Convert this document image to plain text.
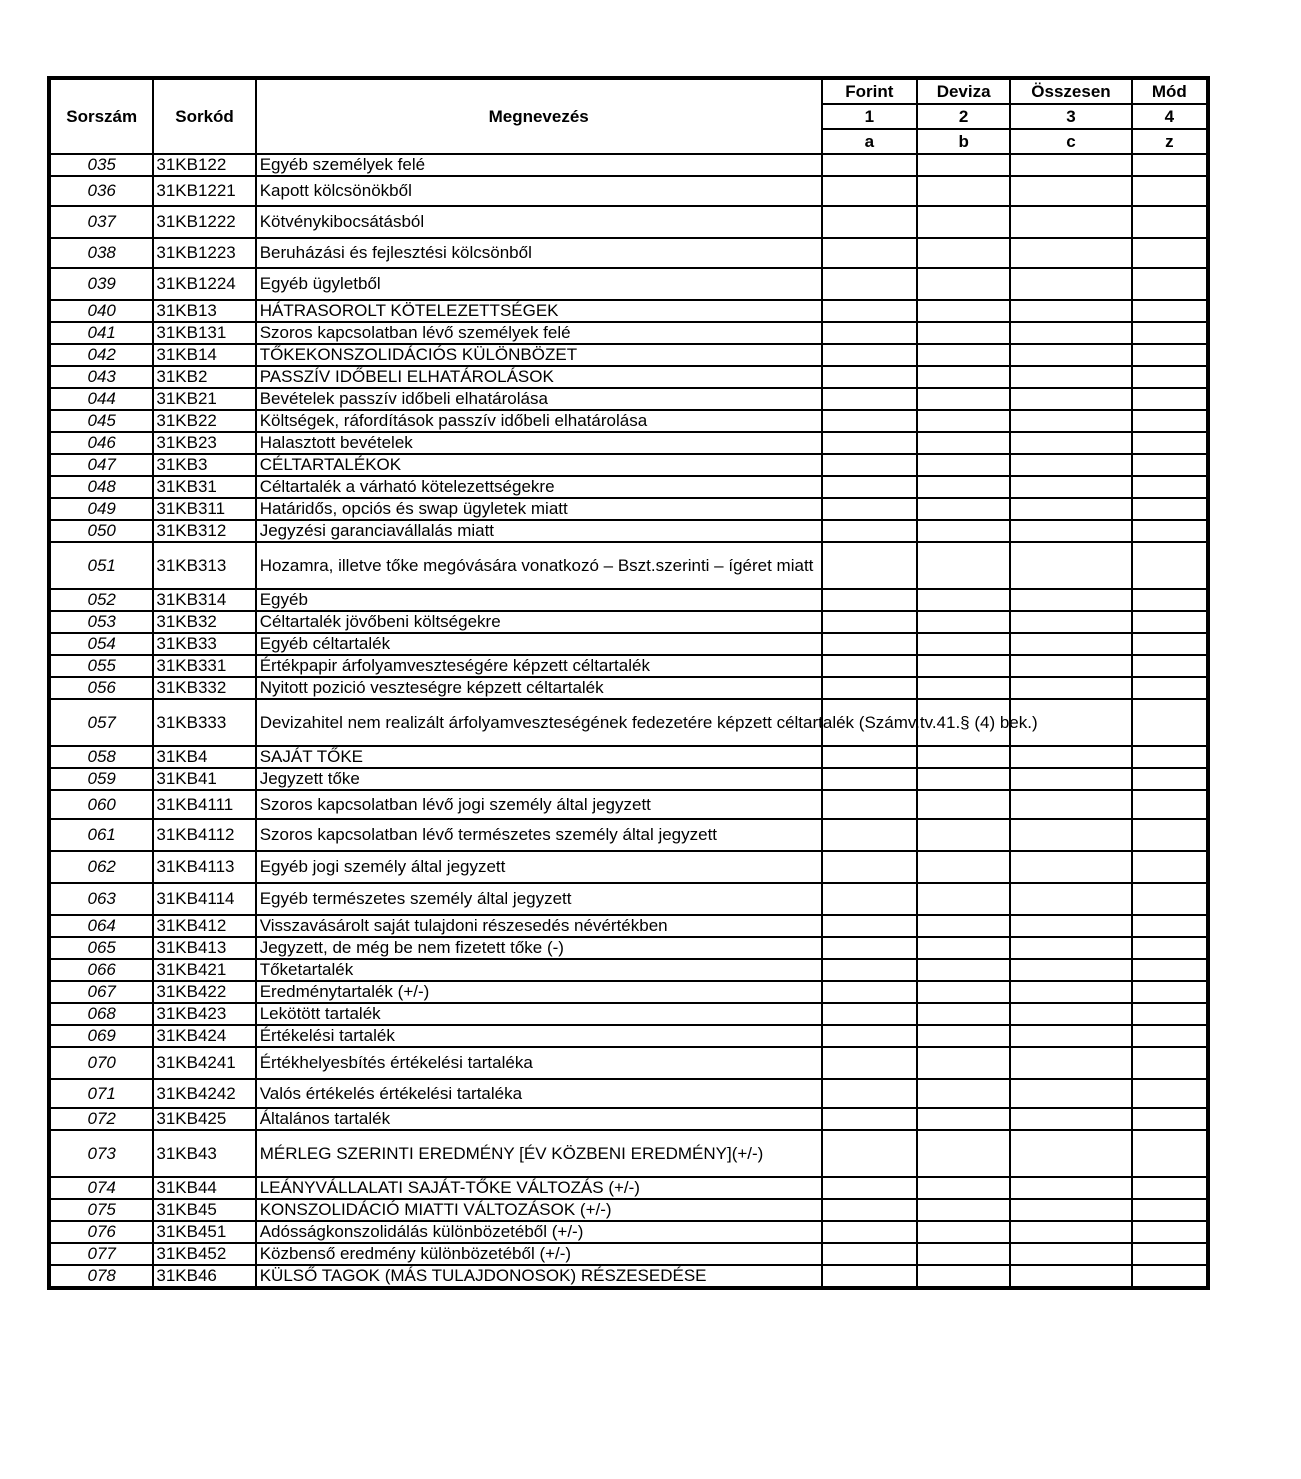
Sorszám	Sorkód	Megnevezés	Forint	Deviza	Összesen	Mód
			1	2	3	4
			a	b	c	z
035	31KB122	Egyéb személyek felé				
036	31KB1221	Kapott kölcsönökből				
037	31KB1222	Kötvénykibocsátásból				
038	31KB1223	Beruházási és fejlesztési kölcsönből				
039	31KB1224	Egyéb ügyletből				
040	31KB13	HÁTRASOROLT KÖTELEZETTSÉGEK				
041	31KB131	Szoros kapcsolatban lévő személyek felé				
042	31KB14	TŐKEKONSZOLIDÁCIÓS KÜLÖNBÖZET				
043	31KB2	PASSZÍV IDŐBELI ELHATÁROLÁSOK				
044	31KB21	Bevételek passzív időbeli elhatárolása				
045	31KB22	Költségek, ráfordítások passzív időbeli elhatárolása				
046	31KB23	Halasztott bevételek				
047	31KB3	CÉLTARTALÉKOK				
048	31KB31	Céltartalék a várható kötelezettségekre				
049	31KB311	Határidős, opciós és swap ügyletek miatt				
050	31KB312	Jegyzési garanciavállalás miatt				
051	31KB313	Hozamra, illetve tőke megóvására vonatkozó – Bszt.szerinti – ígéret miatt				
052	31KB314	Egyéb				
053	31KB32	Céltartalék jövőbeni költségekre				
054	31KB33	Egyéb céltartalék				
055	31KB331	Értékpapir árfolyamveszteségére képzett céltartalék				
056	31KB332	Nyitott pozició veszteségre képzett céltartalék				
057	31KB333	Devizahitel nem realizált árfolyamveszteségének fedezetére képzett céltartalék (Számv.tv.41.§ (4) bek.)				
058	31KB4	SAJÁT TŐKE				
059	31KB41	Jegyzett tőke				
060	31KB4111	Szoros kapcsolatban lévő jogi személy által jegyzett				
061	31KB4112	Szoros kapcsolatban lévő természetes személy által jegyzett				
062	31KB4113	Egyéb jogi személy által jegyzett				
063	31KB4114	Egyéb természetes személy által jegyzett				
064	31KB412	Visszavásárolt saját tulajdoni részesedés névértékben				
065	31KB413	Jegyzett, de még be nem fizetett tőke (-)				
066	31KB421	Tőketartalék				
067	31KB422	Eredménytartalék (+/-)				
068	31KB423	Lekötött tartalék				
069	31KB424	Értékelési tartalék				
070	31KB4241	Értékhelyesbítés értékelési tartaléka				
071	31KB4242	Valós értékelés értékelési tartaléka				
072	31KB425	Általános tartalék				
073	31KB43	MÉRLEG SZERINTI EREDMÉNY [ÉV KÖZBENI EREDMÉNY](+/-)				
074	31KB44	LEÁNYVÁLLALATI SAJÁT-TŐKE VÁLTOZÁS (+/-)				
075	31KB45	KONSZOLIDÁCIÓ MIATTI VÁLTOZÁSOK (+/-)				
076	31KB451	Adósságkonszolidálás különbözetéből (+/-)				
077	31KB452	Közbenső eredmény különbözetéből (+/-)				
078	31KB46	KÜLSŐ TAGOK (MÁS TULAJDONOSOK) RÉSZESEDÉSE				
